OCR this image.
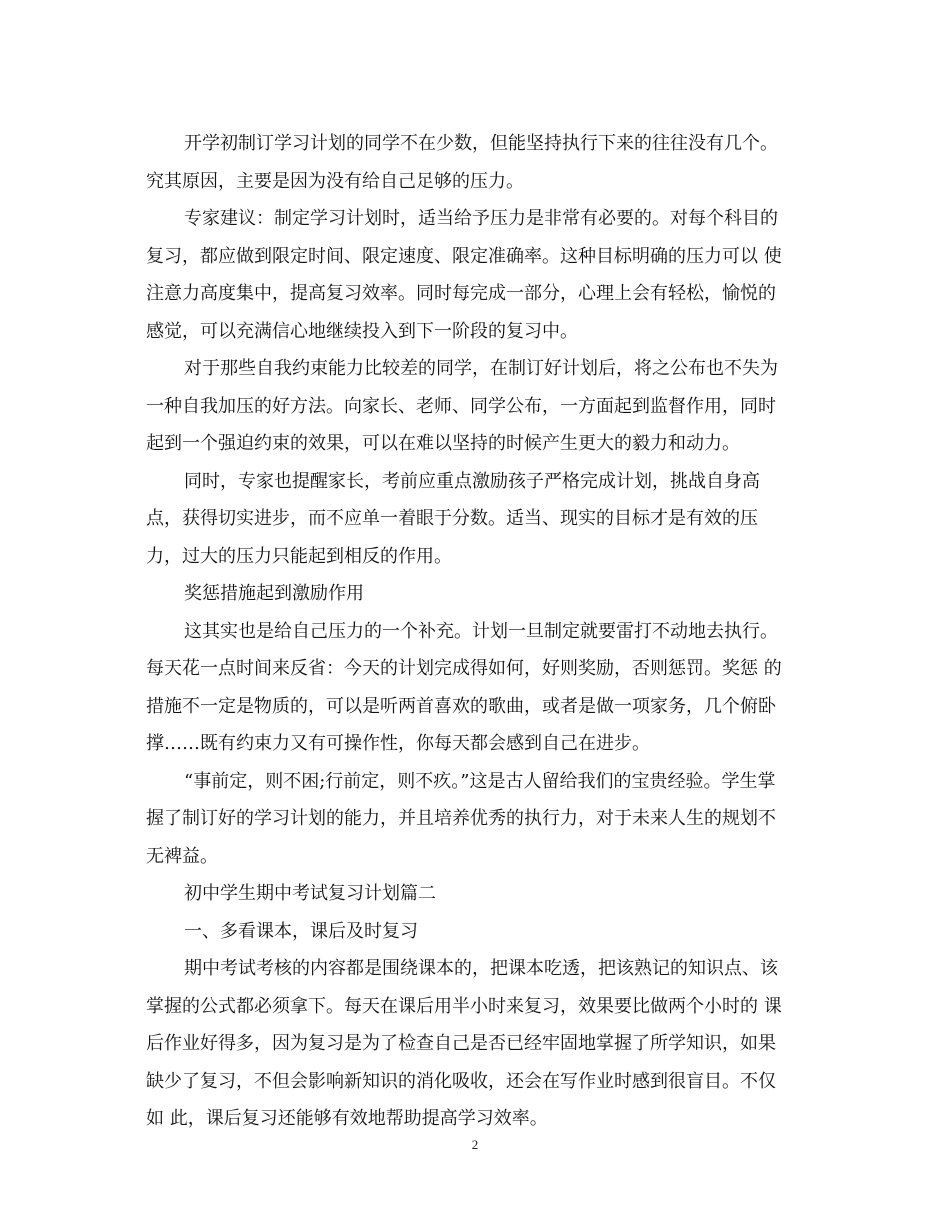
开学初制订学习计划的同学不在少数，但能坚持执行下来的往往没有几个。
究其原因，主要是因为没有给自己足够的压力。
专家建议：制定学习计划时，适当给予压力是非常有必要的。对每个科目的
复习，都应做到限定时间、限定速度、限定准确率。这种目标明确的压力可以 使
注意力高度集中，提高复习效率。同时每完成一部分，心理上会有轻松，愉悦的
感觉，可以充满信心地继续投入到下一阶段的复习中。
对于那些自我约束能力比较差的同学，在制订好计划后，将之公布也不失为
一种自我加压的好方法。向家长、老师、同学公布，一方面起到监督作用，同时
起到一个强迫约束的效果，可以在难以坚持的时候产生更大的毅力和动力。
同时，专家也提醒家长，考前应重点激励孩子严格完成计划，挑战自身高
点，获得切实进步，而不应单一着眼于分数。适当、现实的目标才是有效的压
力，过大的压力只能起到相反的作用。
奖惩措施起到激励作用
这其实也是给自己压力的一个补充。计划一旦制定就要雷打不动地去执行。
每天花一点时间来反省：今天的计划完成得如何，好则奖励，否则惩罚。奖惩 的
措施不一定是物质的，可以是听两首喜欢的歌曲，或者是做一项家务，几个俯卧
撑……既有约束力又有可操作性，你每天都会感到自己在进步。
“事前定，则不困;行前定，则不疚。”这是古人留给我们的宝贵经验。学生掌
握了制订好的学习计划的能力，并且培养优秀的执行力，对于未来人生的规划不
无裨益。
初中学生期中考试复习计划篇二
一、多看课本，课后及时复习
期中考试考核的内容都是围绕课本的，把课本吃透，把该熟记的知识点、该
掌握的公式都必须拿下。每天在课后用半小时来复习，效果要比做两个小时的 课
后作业好得多，因为复习是为了检查自己是否已经牢固地掌握了所学知识，如果
缺少了复习，不但会影响新知识的消化吸收，还会在写作业时感到很盲目。不仅
如 此，课后复习还能够有效地帮助提高学习效率。
2
